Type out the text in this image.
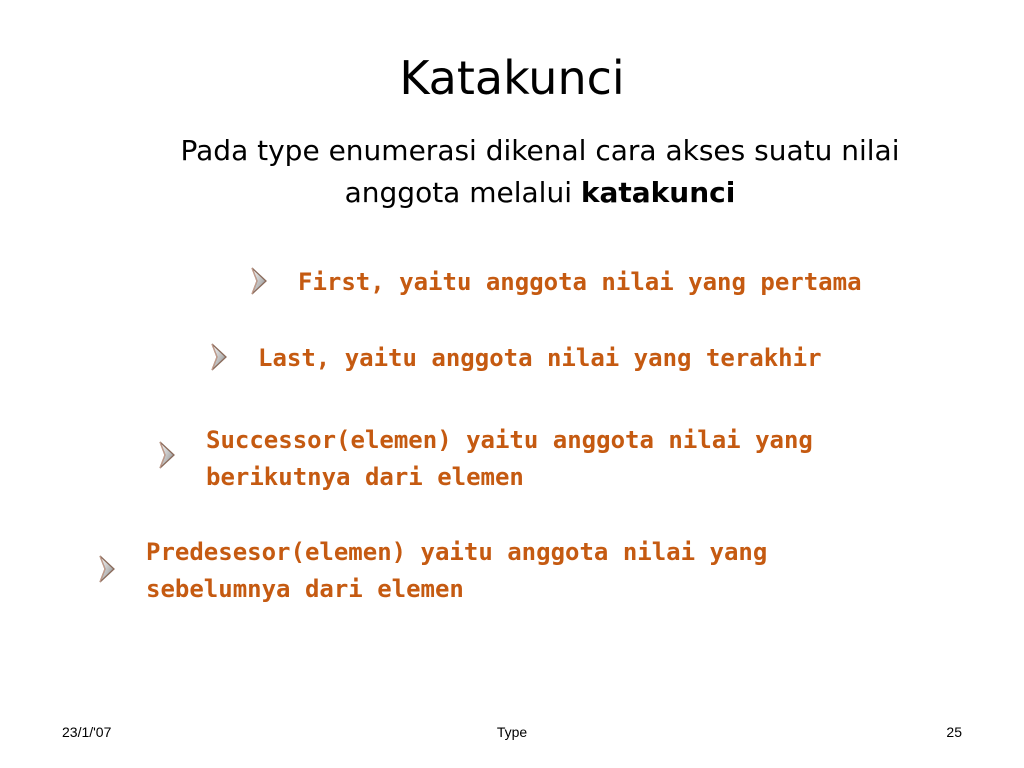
Katakunci
Pada type enumerasi dikenal cara akses suatu nilai
anggota melalui katakunci
First, yaitu anggota nilai yang pertama
Last, yaitu anggota nilai yang terakhir
Successor(elemen) yaitu anggota nilai yang
berikutnya dari elemen
Predesesor(elemen) yaitu anggota nilai yang
sebelumnya dari elemen
23/1/'07	Type	25
